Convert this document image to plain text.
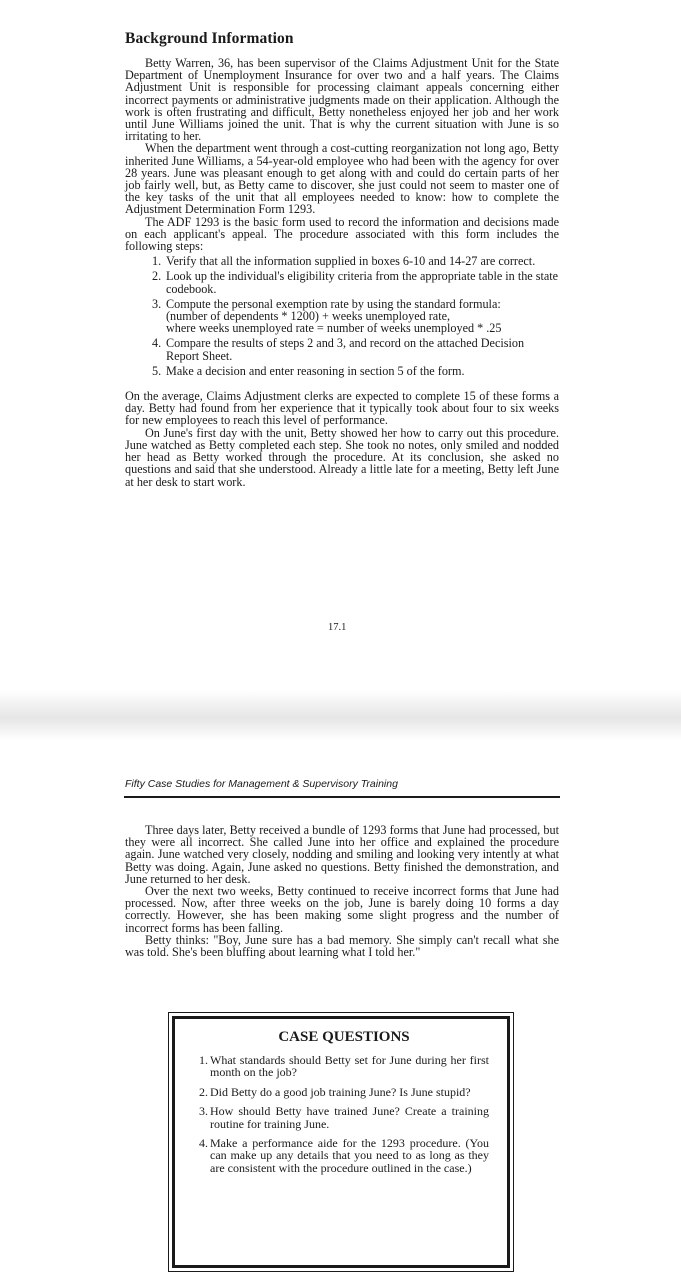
Background Information

Betty Warren, 36, has been supervisor of the Claims Adjustment Unit for the State Department of Unemployment Insurance for over two and a half years. The Claims Adjustment Unit is responsible for processing claimant appeals concerning either incorrect payments or administrative judgments made on their application. Although the work is often frustrating and difficult, Betty nonetheless enjoyed her job and her work until June Williams joined the unit. That is why the current situation with June is so irritating to her.

When the department went through a cost-cutting reorganization not long ago, Betty inherited June Williams, a 54-year-old employee who had been with the agency for over 28 years. June was pleasant enough to get along with and could do certain parts of her job fairly well, but, as Betty came to discover, she just could not seem to master one of the key tasks of the unit that all employees needed to know: how to complete the Adjustment Determination Form 1293.

The ADF 1293 is the basic form used to record the information and decisions made on each applicant's appeal. The procedure associated with this form includes the following steps:

1. Verify that all the information supplied in boxes 6-10 and 14-27 are correct.
2. Look up the individual's eligibility criteria from the appropriate table in the state codebook.
3. Compute the personal exemption rate by using the standard formula:
(number of dependents * 1200) + weeks unemployed rate,
where weeks unemployed rate = number of weeks unemployed * .25
4. Compare the results of steps 2 and 3, and record on the attached Decision Report Sheet.
5. Make a decision and enter reasoning in section 5 of the form.

On the average, Claims Adjustment clerks are expected to complete 15 of these forms a day. Betty had found from her experience that it typically took about four to six weeks for new employees to reach this level of performance.

On June's first day with the unit, Betty showed her how to carry out this procedure. June watched as Betty completed each step. She took no notes, only smiled and nodded her head as Betty worked through the procedure. At its conclusion, she asked no questions and said that she understood. Already a little late for a meeting, Betty left June at her desk to start work.

17.1
Fifty Case Studies for Management & Supervisory Training

Three days later, Betty received a bundle of 1293 forms that June had processed, but they were all incorrect. She called June into her office and explained the procedure again. June watched very closely, nodding and smiling and looking very intently at what Betty was doing. Again, June asked no questions. Betty finished the demonstration, and June returned to her desk.

Over the next two weeks, Betty continued to receive incorrect forms that June had processed. Now, after three weeks on the job, June is barely doing 10 forms a day correctly. However, she has been making some slight progress and the number of incorrect forms has been falling.

Betty thinks: "Boy, June sure has a bad memory. She simply can't recall what she was told. She's been bluffing about learning what I told her."

CASE QUESTIONS
1. What standards should Betty set for June during her first month on the job?
2. Did Betty do a good job training June? Is June stupid?
3. How should Betty have trained June? Create a training routine for training June.
4. Make a performance aide for the 1293 procedure. (You can make up any details that you need to as long as they are consistent with the procedure outlined in the case.)
